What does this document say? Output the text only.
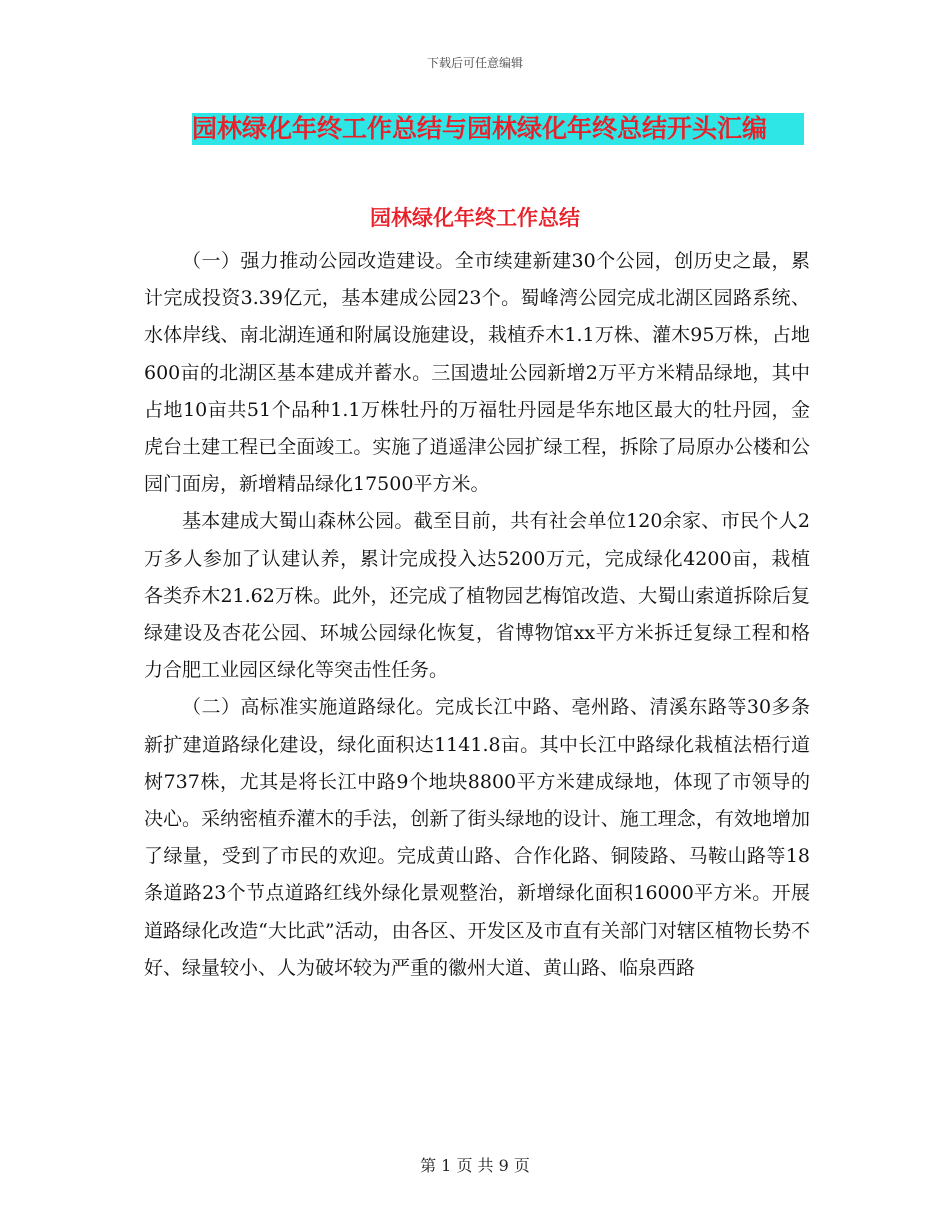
下载后可任意编辑
园林绿化年终工作总结与园林绿化年终总结开头汇编
园林绿化年终工作总结

（一）强力推动公园改造建设。全市续建新建30个公园，创历史之最，累计完成投资3.39亿元，基本建成公园23个。蜀峰湾公园完成北湖区园路系统、水体岸线、南北湖连通和附属设施建设，栽植乔木1.1万株、灌木95万株，占地600亩的北湖区基本建成并蓄水。三国遗址公园新增2万平方米精品绿地，其中占地10亩共51个品种1.1万株牡丹的万福牡丹园是华东地区最大的牡丹园，金虎台土建工程已全面竣工。实施了逍遥津公园扩绿工程，拆除了局原办公楼和公园门面房，新增精品绿化17500平方米。

基本建成大蜀山森林公园。截至目前，共有社会单位120余家、市民个人2万多人参加了认建认养，累计完成投入达5200万元，完成绿化4200亩，栽植各类乔木21.62万株。此外，还完成了植物园艺梅馆改造、大蜀山索道拆除后复绿建设及杏花公园、环城公园绿化恢复，省博物馆xx平方米拆迁复绿工程和格力合肥工业园区绿化等突击性任务。

（二）高标准实施道路绿化。完成长江中路、亳州路、清溪东路等30多条新扩建道路绿化建设，绿化面积达1141.8亩。其中长江中路绿化栽植法梧行道树737株，尤其是将长江中路9个地块8800平方米建成绿地，体现了市领导的决心。采纳密植乔灌木的手法，创新了街头绿地的设计、施工理念，有效地增加了绿量，受到了市民的欢迎。完成黄山路、合作化路、铜陵路、马鞍山路等18条道路23个节点道路红线外绿化景观整治，新增绿化面积16000平方米。开展道路绿化改造“大比武”活动，由各区、开发区及市直有关部门对辖区植物长势不好、绿量较小、人为破坏较为严重的徽州大道、黄山路、临泉西路

第 1 页 共 9 页
